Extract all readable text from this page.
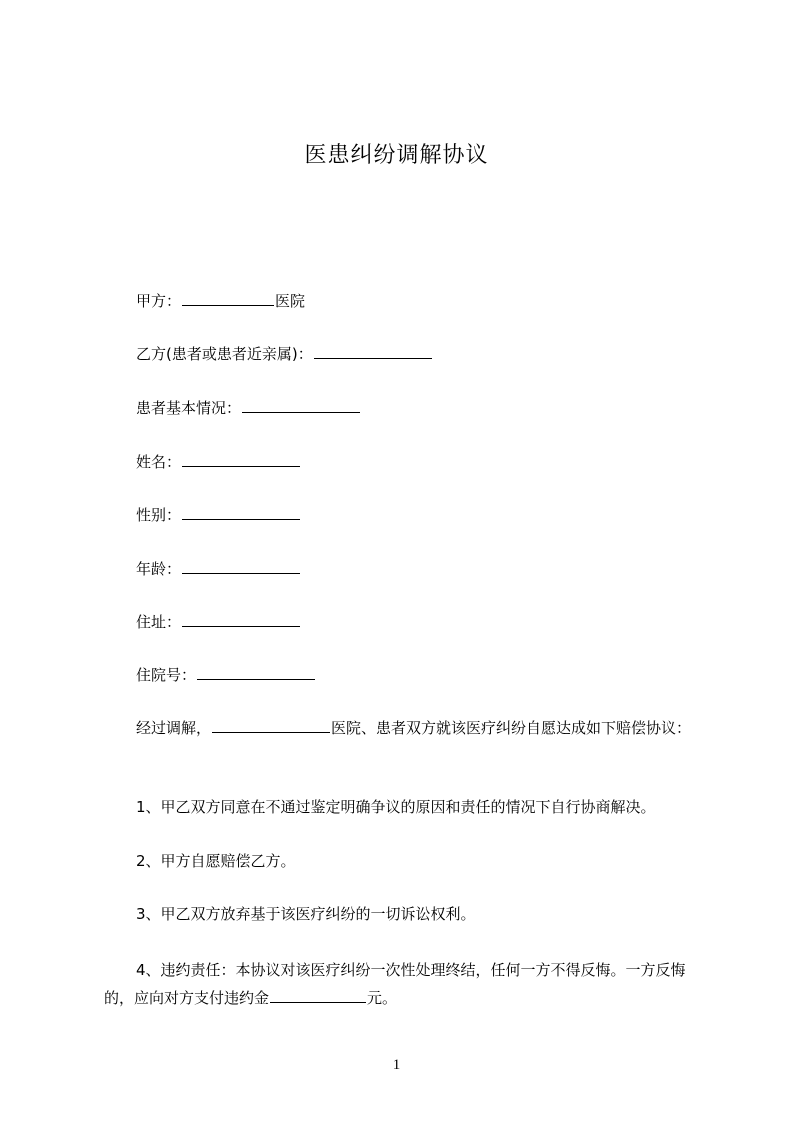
医患纠纷调解协议
甲方：	医院
乙方(患者或患者近亲属)：
患者基本情况：
姓名：
性别：
年龄：
住址：
住院号：
经过调解，	医院、患者双方就该医疗纠纷自愿达成如下赔偿协议：
1、甲乙双方同意在不通过鉴定明确争议的原因和责任的情况下自行协商解决。
2、甲方自愿赔偿乙方。
3、甲乙双方放弃基于该医疗纠纷的一切诉讼权利。
4、违约责任：本协议对该医疗纠纷一次性处理终结，任何一方不得反悔。一方反悔的，应向对方支付违约金	元。
1
